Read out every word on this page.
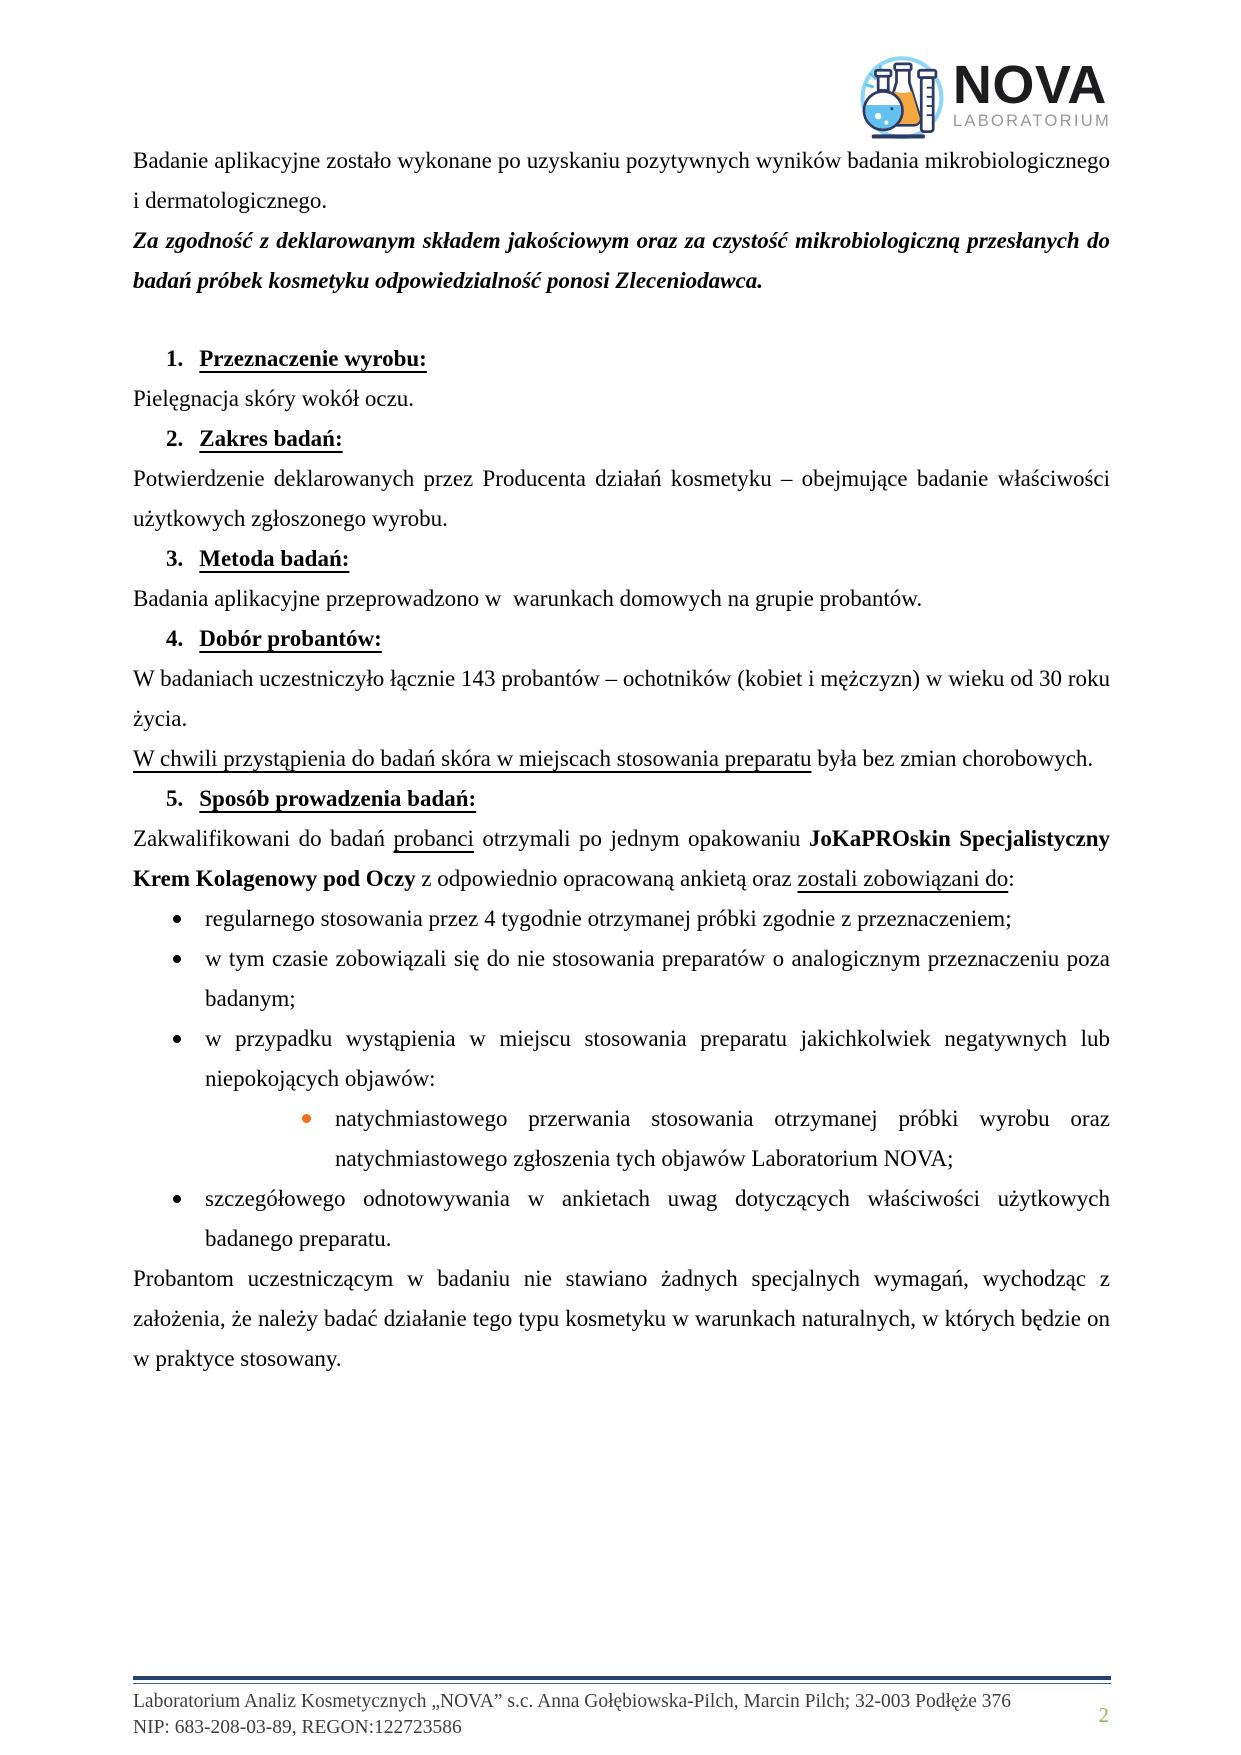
NOVA
LABORATORIUM

Badanie aplikacyjne zostało wykonane po uzyskaniu pozytywnych wyników badania mikrobiologicznego i dermatologicznego.

Za zgodność z deklarowanym składem jakościowym oraz za czystość mikrobiologiczną przesłanych do badań próbek kosmetyku odpowiedzialność ponosi Zleceniodawca.

1. Przeznaczenie wyrobu:

Pielęgnacja skóry wokół oczu.

2. Zakres badań:

Potwierdzenie deklarowanych przez Producenta działań kosmetyku – obejmujące badanie właściwości użytkowych zgłoszonego wyrobu.

3. Metoda badań:

Badania aplikacyjne przeprowadzono w  warunkach domowych na grupie probantów.

4. Dobór probantów:

W badaniach uczestniczyło łącznie 143 probantów – ochotników (kobiet i mężczyzn) w wieku od 30 roku życia.

W chwili przystąpienia do badań skóra w miejscach stosowania preparatu była bez zmian chorobowych.

5. Sposób prowadzenia badań:

Zakwalifikowani do badań probanci otrzymali po jednym opakowaniu JoKaPROskin Specjalistyczny Krem Kolagenowy pod Oczy z odpowiednio opracowaną ankietą oraz zostali zobowiązani do:

regularnego stosowania przez 4 tygodnie otrzymanej próbki zgodnie z przeznaczeniem;

w tym czasie zobowiązali się do nie stosowania preparatów o analogicznym przeznaczeniu poza badanym;

w przypadku wystąpienia w miejscu stosowania preparatu jakichkolwiek negatywnych lub niepokojących objawów:

natychmiastowego przerwania stosowania otrzymanej próbki wyrobu oraz natychmiastowego zgłoszenia tych objawów Laboratorium NOVA;

szczegółowego odnotowywania w ankietach uwag dotyczących właściwości użytkowych badanego preparatu.

Probantom uczestniczącym w badaniu nie stawiano żadnych specjalnych wymagań, wychodząc z założenia, że należy badać działanie tego typu kosmetyku w warunkach naturalnych, w których będzie on w praktyce stosowany.

Laboratorium Analiz Kosmetycznych „NOVA” s.c. Anna Gołębiowska-Pilch, Marcin Pilch; 32-003 Podłęże 376
NIP: 683-208-03-89, REGON:122723586
2
